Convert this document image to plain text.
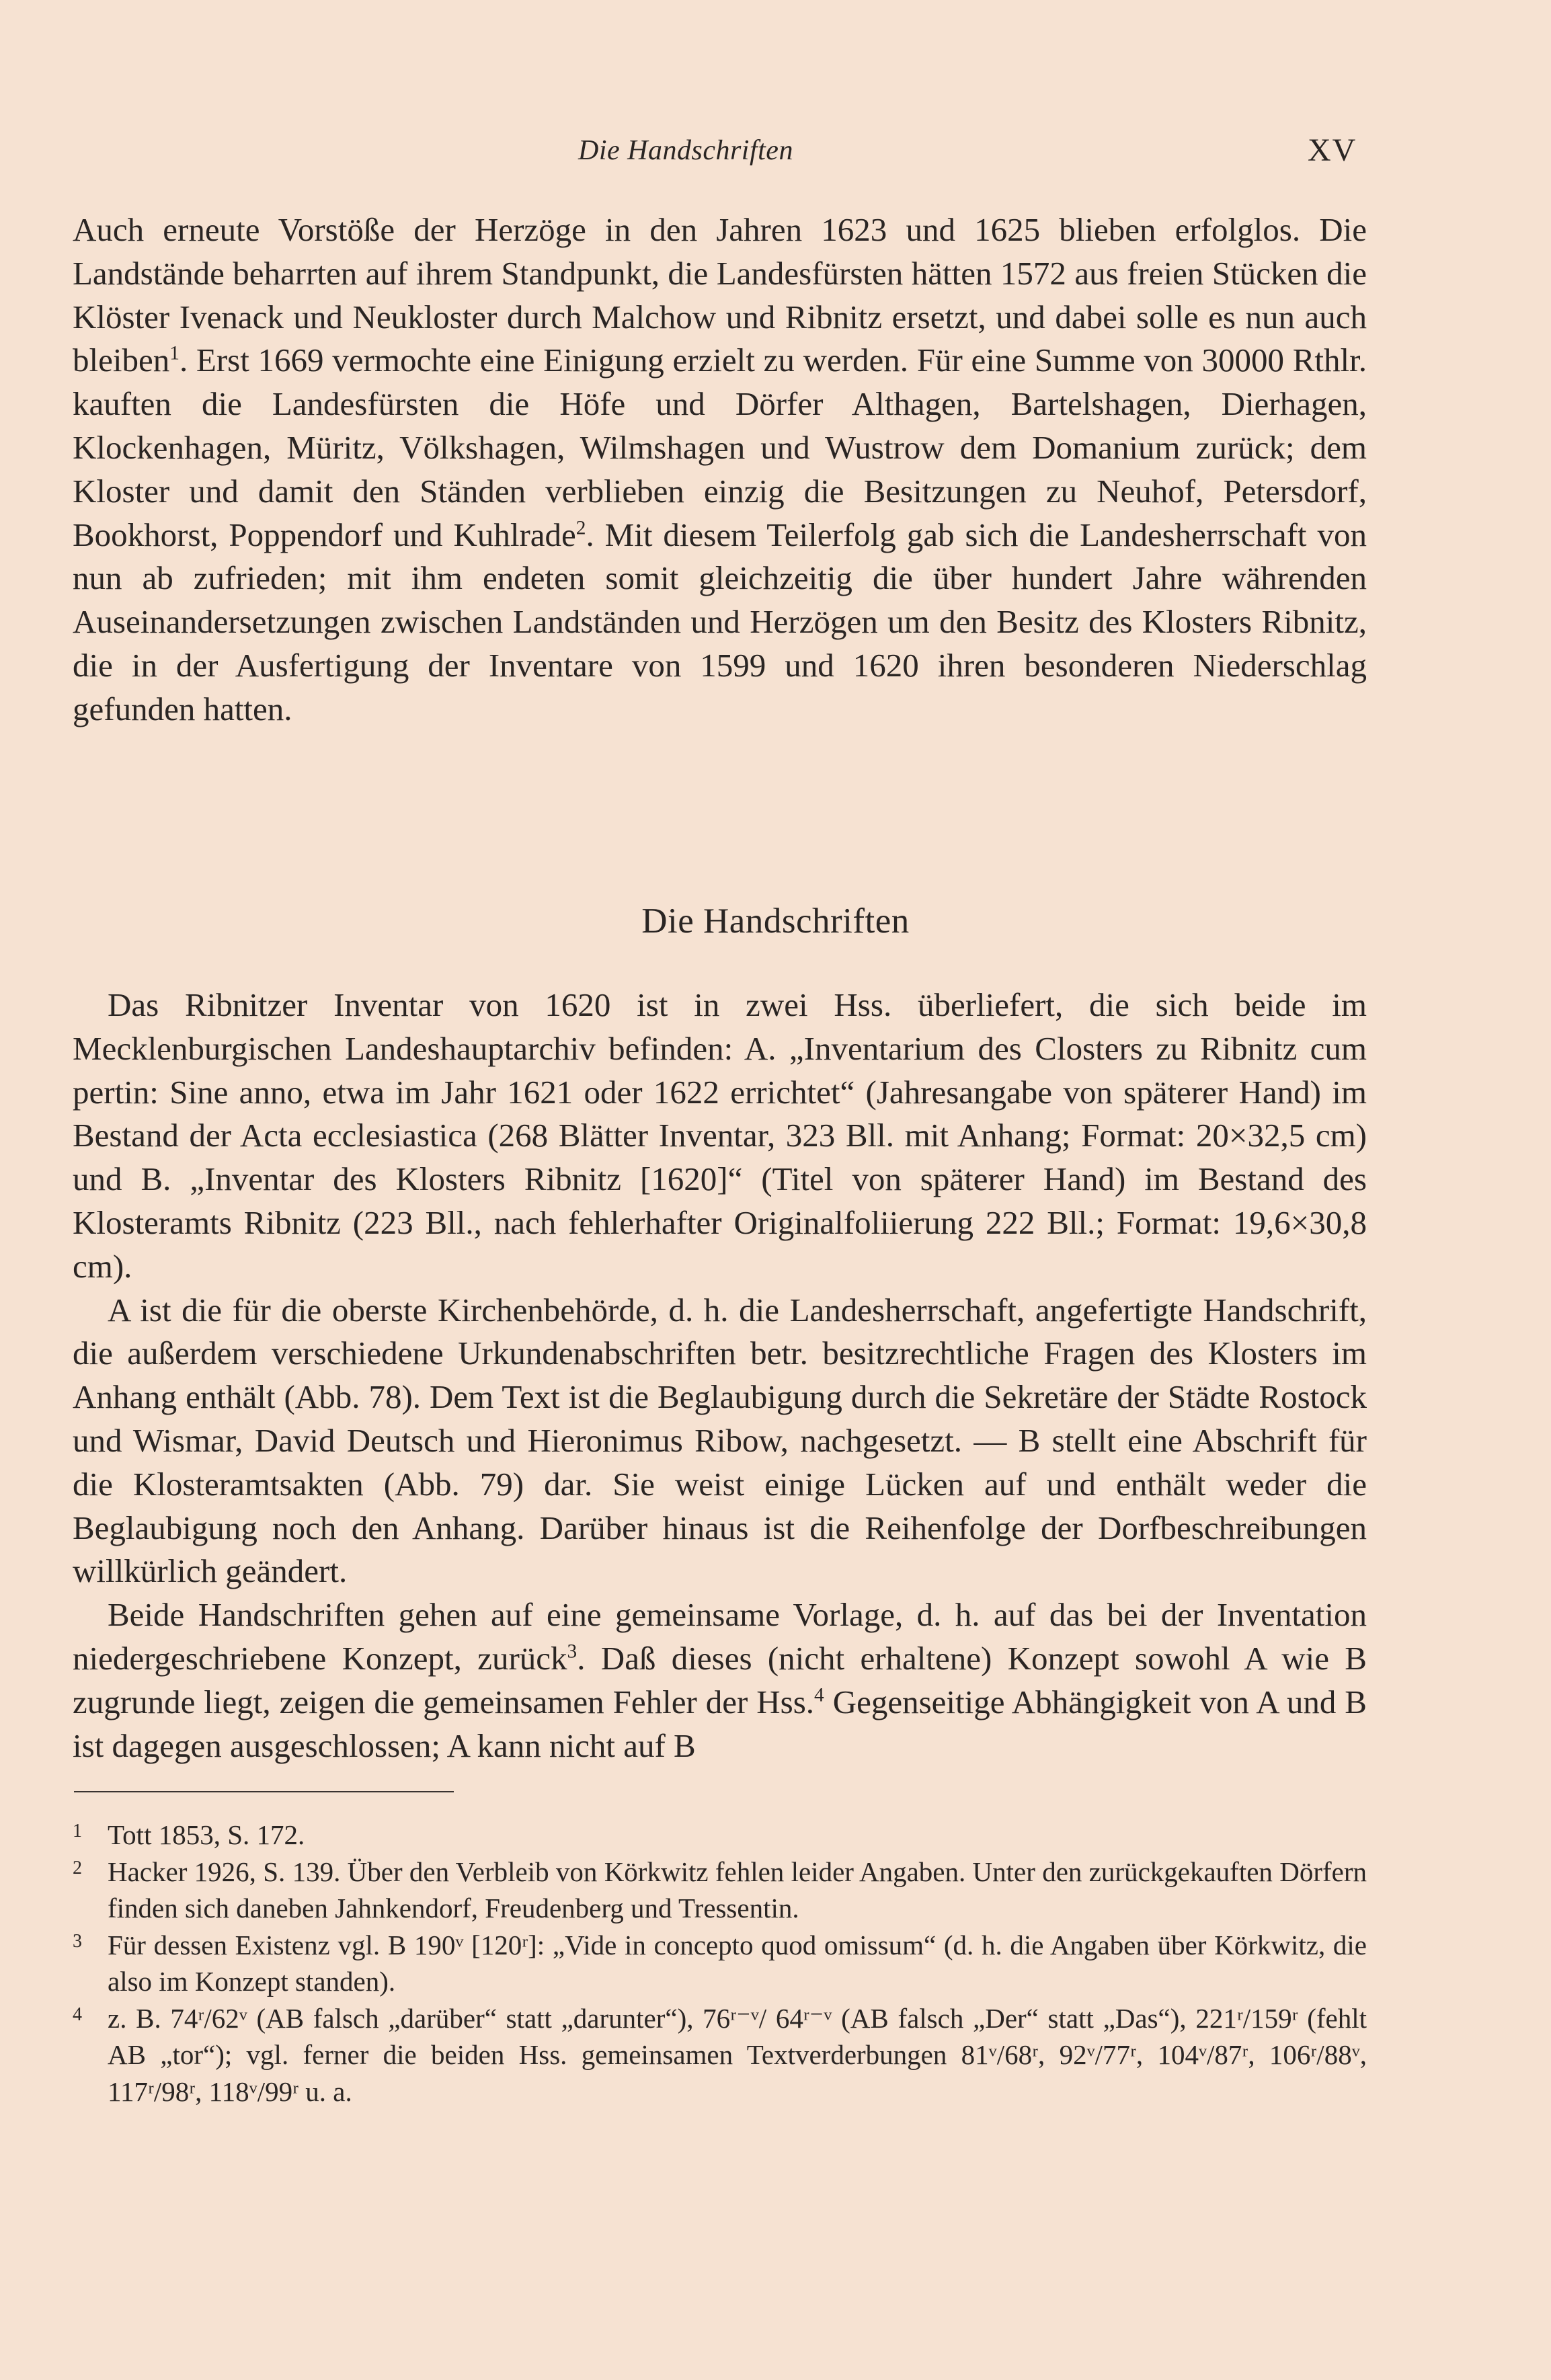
Die Handschriften	XV

Auch erneute Vorstöße der Herzöge in den Jahren 1623 und 1625 blieben erfolglos. Die Landstände beharrten auf ihrem Standpunkt, die Landesfürsten hätten 1572 aus freien Stücken die Klöster Ivenack und Neukloster durch Malchow und Ribnitz ersetzt, und dabei solle es nun auch bleiben$^1$. Erst 1669 vermochte eine Einigung erzielt zu werden. Für eine Summe von 30000 Rthlr. kauften die Landesfürsten die Höfe und Dörfer Althagen, Bartelshagen, Dierhagen, Klockenhagen, Müritz, Völkshagen, Wilmshagen und Wustrow dem Domanium zurück; dem Kloster und damit den Ständen verblieben einzig die Besitzungen zu Neuhof, Petersdorf, Bookhorst, Poppendorf und Kuhlrade$^2$. Mit diesem Teilerfolg gab sich die Landesherrschaft von nun ab zufrieden; mit ihm endeten somit gleichzeitig die über hundert Jahre währenden Auseinandersetzungen zwischen Landständen und Herzögen um den Besitz des Klosters Ribnitz, die in der Ausfertigung der Inventare von 1599 und 1620 ihren besonderen Niederschlag gefunden hatten.

Die Handschriften

Das Ribnitzer Inventar von 1620 ist in zwei Hss. überliefert, die sich beide im Mecklenburgischen Landeshauptarchiv befinden: A. „Inventarium des Closters zu Ribnitz cum pertin: Sine anno, etwa im Jahr 1621 oder 1622 errichtet“ (Jahresangabe von späterer Hand) im Bestand der Acta ecclesiastica (268 Blätter Inventar, 323 Bll. mit Anhang; Format: 20×32,5 cm) und B. „Inventar des Klosters Ribnitz [1620]“ (Titel von späterer Hand) im Bestand des Klosteramts Ribnitz (223 Bll., nach fehlerhafter Originalfoliierung 222 Bll.; Format: 19,6×30,8 cm).

A ist die für die oberste Kirchenbehörde, d. h. die Landesherrschaft, angefertigte Handschrift, die außerdem verschiedene Urkundenabschriften betr. besitzrechtliche Fragen des Klosters im Anhang enthält (Abb. 78). Dem Text ist die Beglaubigung durch die Sekretäre der Städte Rostock und Wismar, David Deutsch und Hieronimus Ribow, nachgesetzt. — B stellt eine Abschrift für die Klosteramtsakten (Abb. 79) dar. Sie weist einige Lücken auf und enthält weder die Beglaubigung noch den Anhang. Darüber hinaus ist die Reihenfolge der Dorfbeschreibungen willkürlich geändert.

Beide Handschriften gehen auf eine gemeinsame Vorlage, d. h. auf das bei der Inventation niedergeschriebene Konzept, zurück$^3$. Daß dieses (nicht erhaltene) Konzept sowohl A wie B zugrunde liegt, zeigen die gemeinsamen Fehler der Hss.$^4$ Gegenseitige Abhängigkeit von A und B ist dagegen ausgeschlossen; A kann nicht auf B

1 Tott 1853, S. 172.
2 Hacker 1926, S. 139. Über den Verbleib von Körkwitz fehlen leider Angaben. Unter den zurückgekauften Dörfern finden sich daneben Jahnkendorf, Freudenberg und Tressentin.
3 Für dessen Existenz vgl. B 190ᵛ [120ʳ]: „Vide in concepto quod omissum“ (d. h. die Angaben über Körkwitz, die also im Konzept standen).
4 z. B. 74ʳ/62ᵛ (AB falsch „darüber“ statt „darunter“), 76ʳ⁻ᵛ/ 64ʳ⁻ᵛ (AB falsch „Der“ statt „Das“), 221ʳ/159ʳ (fehlt AB „tor“); vgl. ferner die beiden Hss. gemeinsamen Textverderbungen 81ᵛ/68ʳ, 92ᵛ/77ʳ, 104ᵛ/87ʳ, 106ʳ/88ᵛ, 117ʳ/98ʳ, 118ᵛ/99ʳ u. a.
